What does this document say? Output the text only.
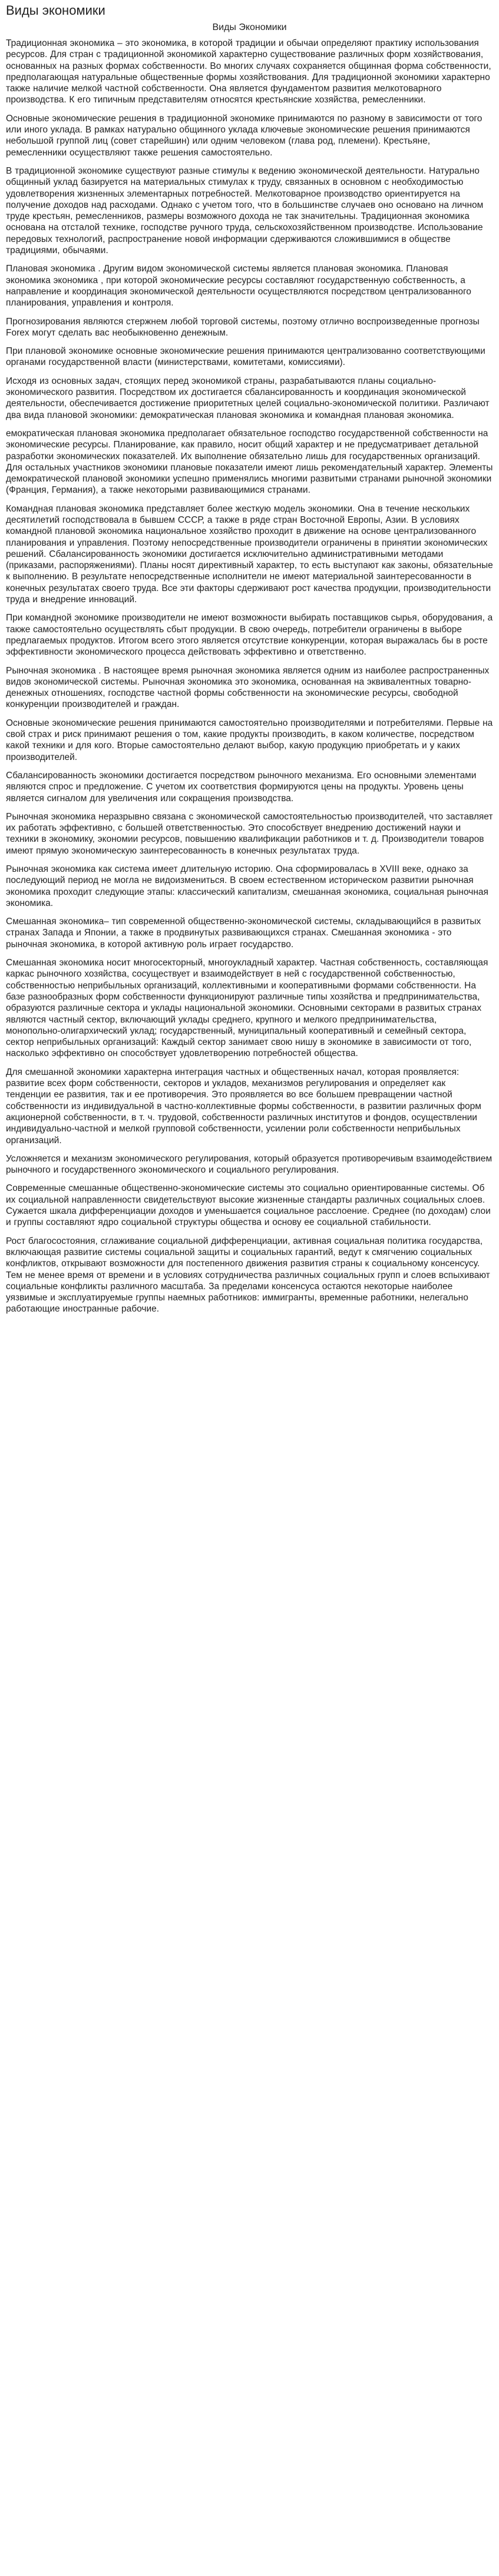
Виды экономики
Виды Экономики

Традиционная экономика – это экономика, в которой традиции и обычаи определяют практику использования ресурсов. Для стран с традиционной экономикой характерно существование различных форм хозяйствования, основанных на разных формах собственности. Во многих случаях сохраняется общинная форма собственности, предполагающая натуральные общественные формы хозяйствования. Для традиционной экономики характерно также наличие мелкой частной собственности. Она является фундаментом развития мелкотоварного производства. К его типичным представителям относятся крестьянские хозяйства, ремесленники.

Основные экономические решения в традиционной экономике принимаются по разному в зависимости от того или иного уклада. В рамках натурально общинного уклада ключевые экономические решения принимаются небольшой группой лиц (совет старейшин) или одним человеком (глава род, племени). Крестьяне, ремесленники осуществляют также решения самостоятельно.

В традиционной экономике существуют разные стимулы к ведению экономической деятельности. Натурально общинный уклад базируется на материальных стимулах к труду, связанных в основном с необходимостью удовлетворения жизненных элементарных потребностей. Мелкотоварное производство ориентируется на получение доходов над расходами. Однако с учетом того, что в большинстве случаев оно основано на личном труде крестьян, ремесленников, размеры возможного дохода не так значительны. Традиционная экономика основана на отсталой технике, господстве ручного труда, сельскохозяйственном производстве. Использование передовых технологий, распространение новой информации сдерживаются сложившимися в обществе традициями, обычаями.

Плановая экономика . Другим видом экономической системы является плановая экономика. Плановая экономика экономика , при которой экономические ресурсы составляют государственную собственность, а направление и координация экономической деятельности осуществляются посредством централизованного планирования, управления и контроля.

Прогнозирования являются стержнем любой торговой системы, поэтому отлично воспроизведенные прогнозы Forex могут сделать вас необыкновенно денежным.

При плановой экономике основные экономические решения принимаются централизованно соответствующими органами государственной власти (министерствами, комитетами, комиссиями).

Исходя из основных задач, стоящих перед экономикой страны, разрабатываются планы социально-экономического развития. Посредством их достигается сбалансированность и координация экономической деятельности, обеспечивается достижение приоритетных целей социально-экономической политики. Различают два вида плановой экономики: демократическая плановая экономика и командная плановая экономика.

емократическая плановая экономика предполагает обязательное господство государственной собственности на экономические ресурсы. Планирование, как правило, носит общий характер и не предусматривает детальной разработки экономических показателей. Их выполнение обязательно лишь для государственных организаций. Для остальных участников экономики плановые показатели имеют лишь рекомендательный характер. Элементы демократической плановой экономики успешно применялись многими развитыми странами рыночной экономики (Франция, Германия), а также некоторыми развивающимися странами.

Командная плановая экономика представляет более жесткую модель экономики. Она в течение нескольких десятилетий господствовала в бывшем СССР, а также в ряде стран Восточной Европы, Азии. В условиях командной плановой экономика национальное хозяйство проходит в движение на основе централизованного планирования и управления. Поэтому непосредственные производители ограничены в принятии экономических решений. Сбалансированность экономики достигается исключительно административными методами (приказами, распоряжениями). Планы носят директивный характер, то есть выступают как законы, обязательные к выполнению. В результате непосредственные исполнители не имеют материальной заинтересованности в конечных результатах своего труда. Все эти факторы сдерживают рост качества продукции, производительности труда и внедрение инноваций.

При командной экономике производители не имеют возможности выбирать поставщиков сырья, оборудования, а также самостоятельно осуществлять сбыт продукции. В свою очередь, потребители ограничены в выборе предлагаемых продуктов. Итогом всего этого является отсутствие конкуренции, которая выражалась бы в росте эффективности экономического процесса действовать эффективно и ответственно.

Рыночная экономика . В настоящее время рыночная экономика является одним из наиболее распространенных видов экономической системы. Рыночная экономика это экономика, основанная на эквивалентных товарно-денежных отношениях, господстве частной формы собственности на экономические ресурсы, свободной конкуренции производителей и граждан.

Основные экономические решения принимаются самостоятельно производителями и потребителями. Первые на свой страх и риск принимают решения о том, какие продукты производить, в каком количестве, посредством какой техники и для кого. Вторые самостоятельно делают выбор, какую продукцию приобретать и у каких производителей.

Сбалансированность экономики достигается посредством рыночного механизма. Его основными элементами являются спрос и предложение. С учетом их соответствия формируются цены на продукты. Уровень цены является сигналом для увеличения или сокращения производства.

Рыночная экономика неразрывно связана с экономической самостоятельностью производителей, что заставляет их работать эффективно, с большей ответственностью. Это способствует внедрению достижений науки и техники в экономику, экономии ресурсов, повышению квалификации работников и т. д. Производители товаров имеют прямую экономическую заинтересованность в конечных результатах труда.

Рыночная экономика как система имеет длительную историю. Она сформировалась в XVIII веке, однако за последующий период не могла не видоизмениться. В своем естественном историческом развитии рыночная экономика проходит следующие этапы: классический капитализм, смешанная экономика, социальная рыночная экономика.

Смешанная экономика– тип современной общественно-экономической системы, складывающийся в развитых странах Запада и Японии, а также в продвинутых развивающихся странах. Смешанная экономика - это рыночная экономика, в которой активную роль играет государство.

Смешанная экономика носит многосекторный, многоукладный характер. Частная собственность, составляющая каркас рыночного хозяйства, сосуществует и взаимодействует в ней с государственной собственностью, собственностью неприбыльных организаций, коллективными и кооперативными формами собственности. На базе разнообразных форм собственности функционируют различные типы хозяйства и предпринимательства, образуются различные сектора и уклады национальной экономики. Основными секторами в развитых странах являются частный сектор, включающий уклады среднего, крупного и мелкого предпринимательства, монопольно-олигархический уклад; государственный, муниципальный кооперативный и семейный сектора, сектор неприбыльных организаций: Каждый сектор занимает свою нишу в экономике в зависимости от того, насколько эффективно он способствует удовлетворению потребностей общества.

Для смешанной экономики характерна интеграция частных и общественных начал, которая проявляется: развитие всех форм собственности, секторов и укладов, механизмов регулирования и определяет как тенденции ее развития, так и ее противоречия. Это проявляется во все большем превращении частной собственности из индивидуальной в частно-коллективные формы собственности, в развитии различных форм акционерной собственности, в т. ч. трудовой, собственности различных институтов и фондов, осуществлении индивидуально-частной и мелкой групповой собственности, усилении роли собственности неприбыльных организаций.

Усложняется и механизм экономического регулирования, который образуется противоречивым взаимодействием рыночного и государственного экономического и социального регулирования.

Современные смешанные общественно-экономические системы это социально ориентированные системы. Об их социальной направленности свидетельствуют высокие жизненные стандарты различных социальных слоев. Сужается шкала дифференциации доходов и уменьшается социальное расслоение. Среднее (по доходам) слои и группы составляют ядро социальной структуры общества и основу ее социальной стабильности.

Рост благосостояния, сглаживание социальной дифференциации, активная социальная политика государства, включающая развитие системы социальной защиты и социальных гарантий, ведут к смягчению социальных конфликтов, открывают возможности для постепенного движения развития страны к социальному консенсусу. Тем не менее время от времени и в условиях сотрудничества различных социальных групп и слоев вспыхивают социальные конфликты различного масштаба. За пределами консенсуса остаются некоторые наиболее уязвимые и эксплуатируемые группы наемных работников: иммигранты, временные работники, нелегально работающие иностранные рабочие.
